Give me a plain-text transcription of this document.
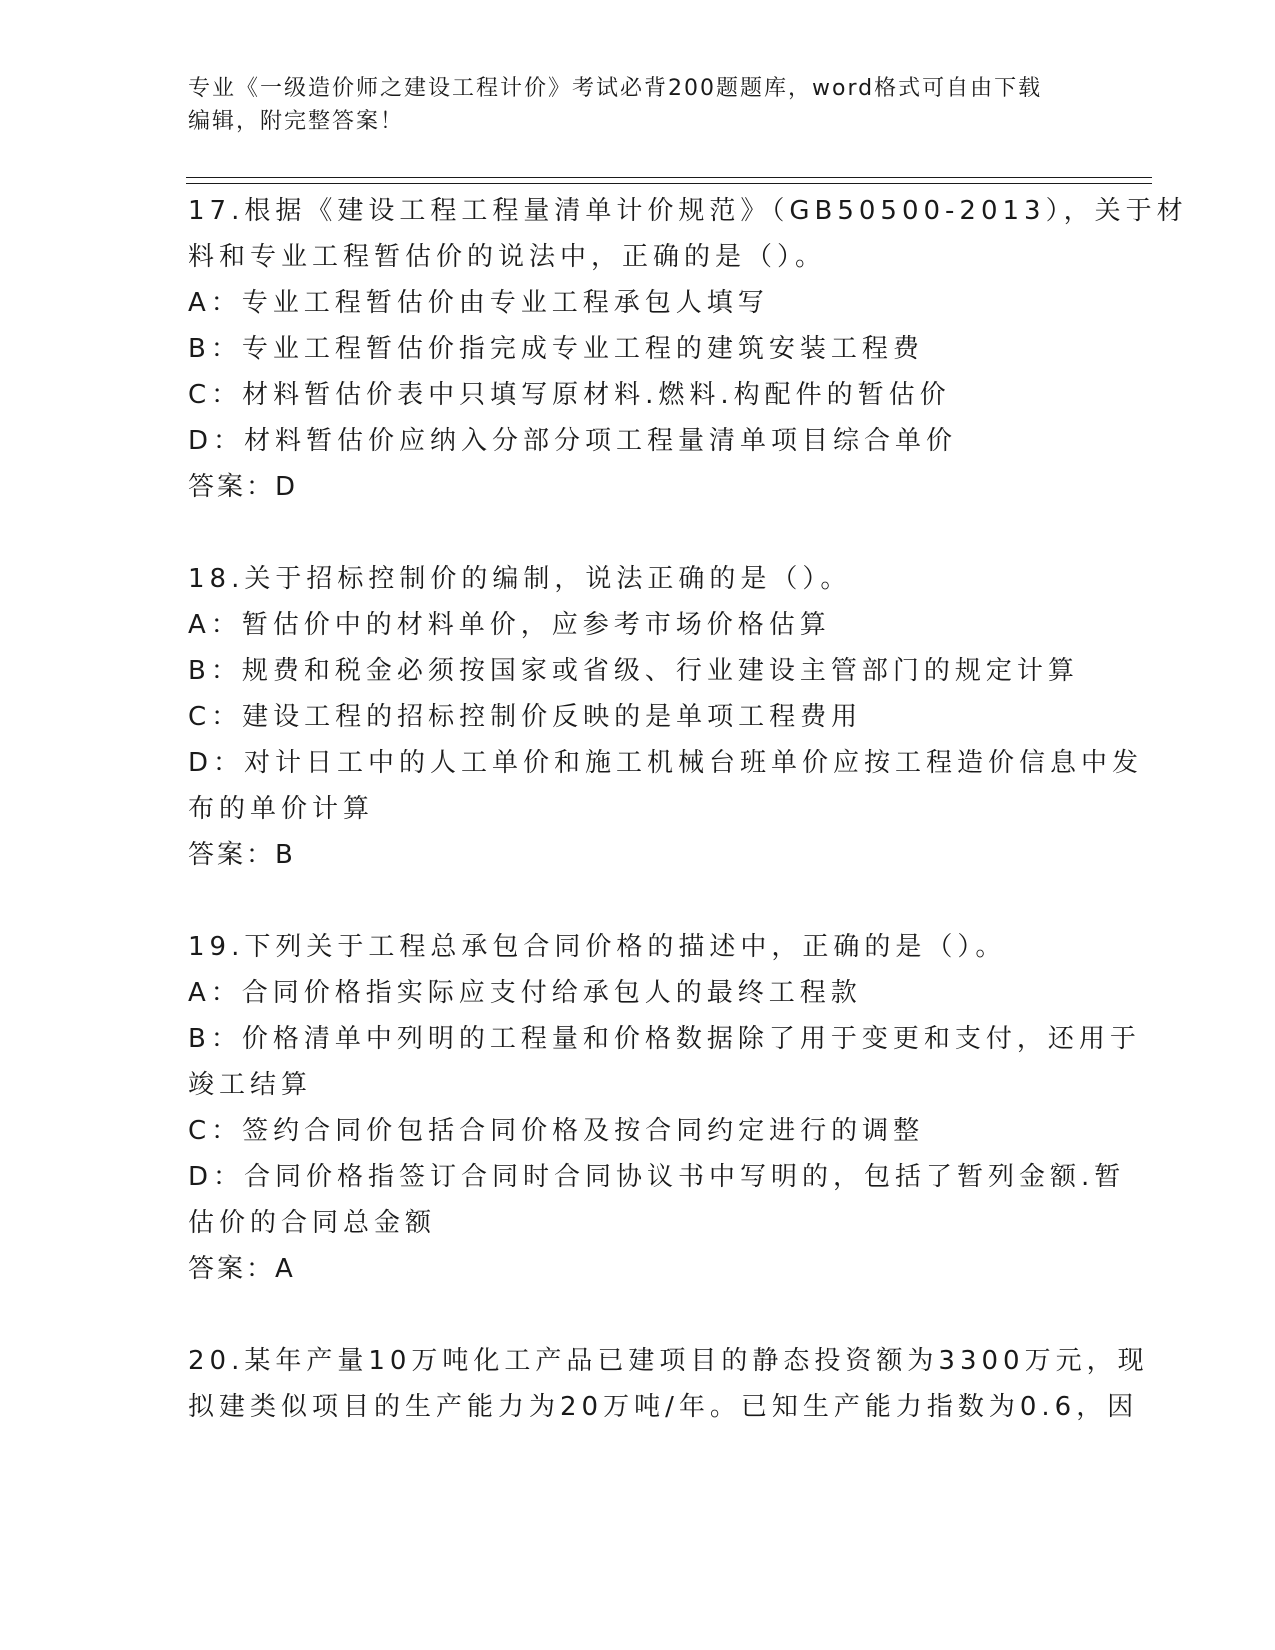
专业《一级造价师之建设工程计价》考试必背200题题库，word格式可自由下载
编辑，附完整答案！
17.根据《建设工程工程量清单计价规范》（GB50500-2013），关于材
料和专业工程暂估价的说法中，正确的是（）。
A：专业工程暂估价由专业工程承包人填写
B：专业工程暂估价指完成专业工程的建筑安装工程费
C：材料暂估价表中只填写原材料.燃料.构配件的暂估价
D：材料暂估价应纳入分部分项工程量清单项目综合单价
答案：D
18.关于招标控制价的编制，说法正确的是（）。
A：暂估价中的材料单价，应参考市场价格估算
B：规费和税金必须按国家或省级、行业建设主管部门的规定计算
C：建设工程的招标控制价反映的是单项工程费用
D：对计日工中的人工单价和施工机械台班单价应按工程造价信息中发
布的单价计算
答案：B
19.下列关于工程总承包合同价格的描述中，正确的是（）。
A：合同价格指实际应支付给承包人的最终工程款
B：价格清单中列明的工程量和价格数据除了用于变更和支付，还用于
竣工结算
C：签约合同价包括合同价格及按合同约定进行的调整
D：合同价格指签订合同时合同协议书中写明的，包括了暂列金额.暂
估价的合同总金额
答案：A
20.某年产量10万吨化工产品已建项目的静态投资额为3300万元，现
拟建类似项目的生产能力为20万吨/年。已知生产能力指数为0.6，因
